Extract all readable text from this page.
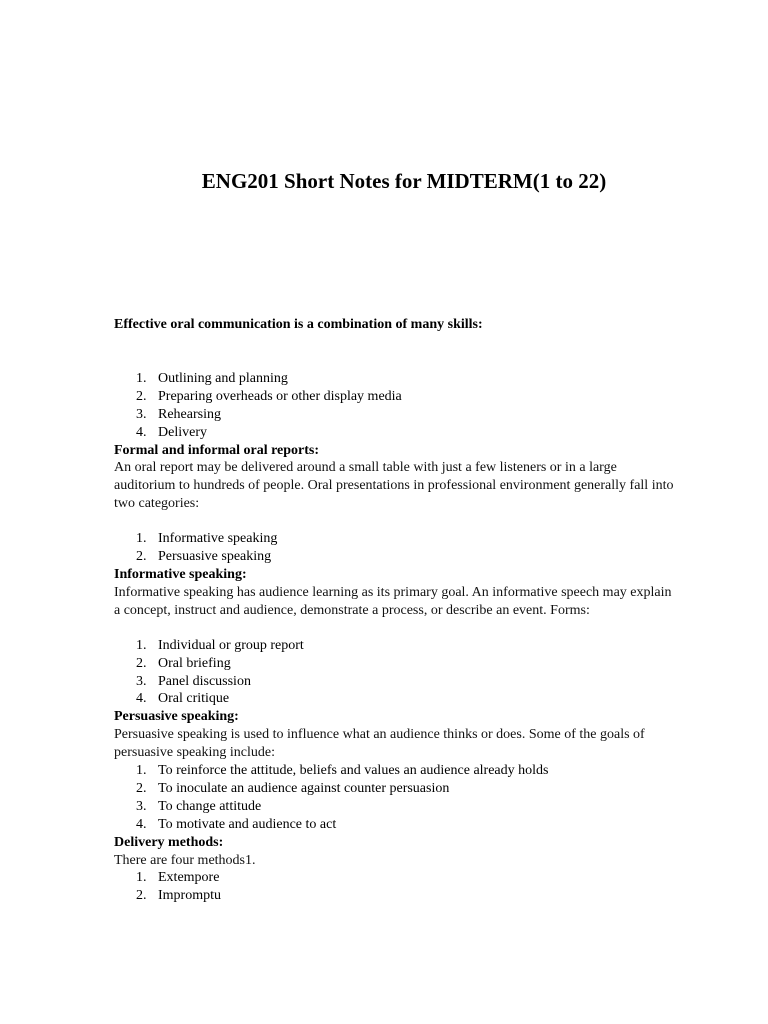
ENG201 Short Notes for MIDTERM(1 to 22)

Effective oral communication is a combination of many skills:

1. Outlining and planning
2. Preparing overheads or other display media
3. Rehearsing
4. Delivery

Formal and informal oral reports:

An oral report may be delivered around a small table with just a few listeners or in a large auditorium to hundreds of people. Oral presentations in professional environment generally fall into two categories:

1. Informative speaking
2. Persuasive speaking

Informative speaking:

Informative speaking has audience learning as its primary goal. An informative speech may explain a concept, instruct and audience, demonstrate a process, or describe an event. Forms:

1. Individual or group report
2. Oral briefing
3. Panel discussion
4. Oral critique

Persuasive speaking:

Persuasive speaking is used to influence what an audience thinks or does. Some of the goals of persuasive speaking include:

1. To reinforce the attitude, beliefs and values an audience already holds
2. To inoculate an audience against counter persuasion
3. To change attitude
4. To motivate and audience to act

Delivery methods:

There are four methods1.

1. Extempore
2. Impromptu
